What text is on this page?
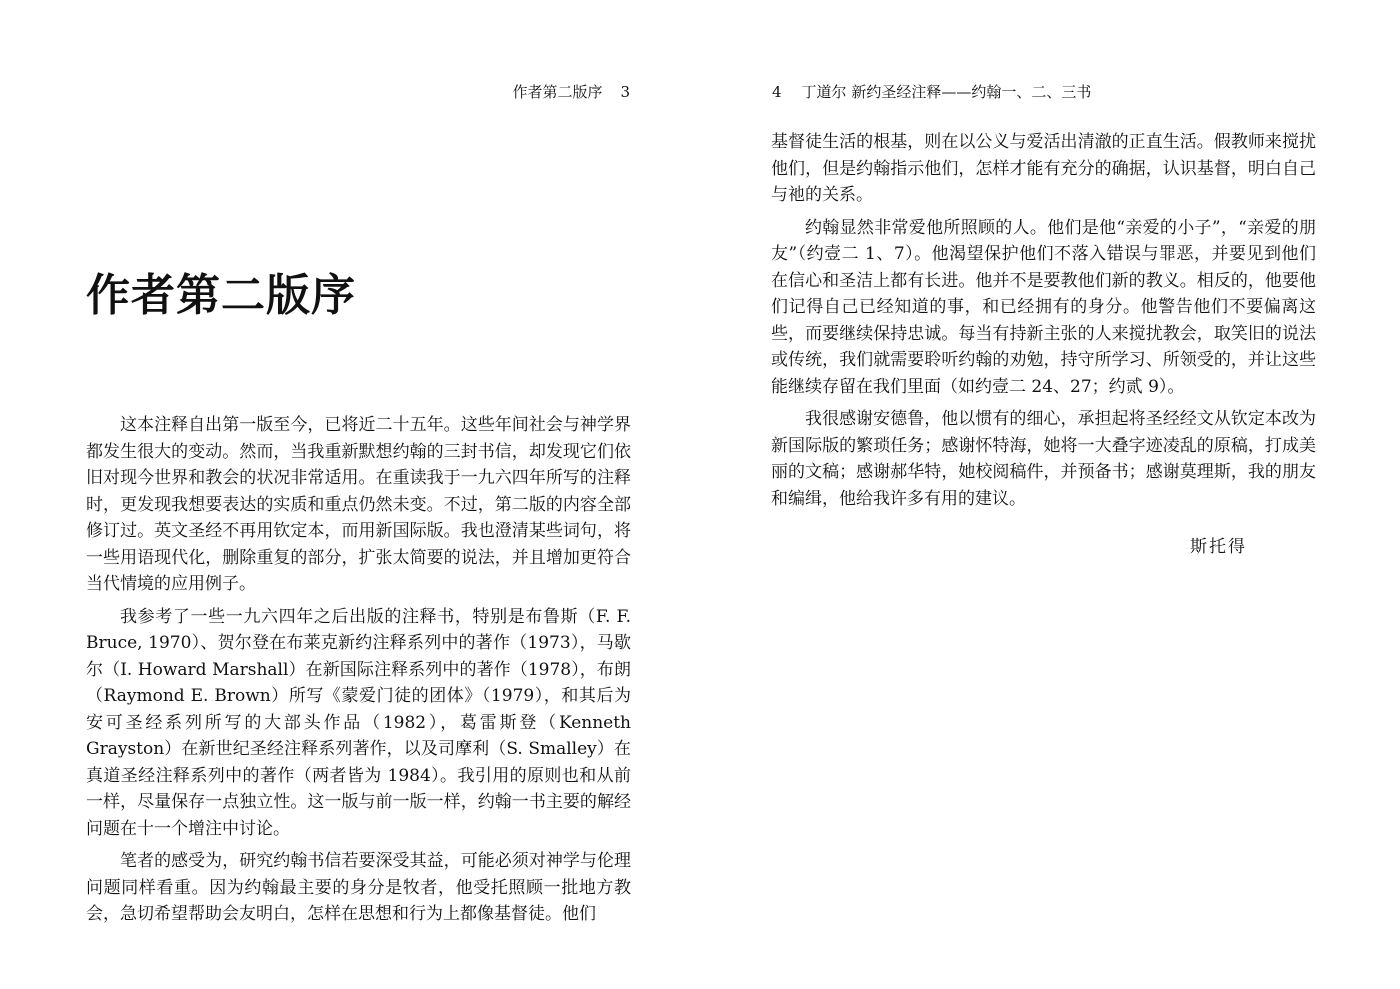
作者第二版序 3
作者第二版序

这本注释自出第一版至今，已将近二十五年。这些年间社会与神学界都发生很大的变动。然而，当我重新默想约翰的三封书信，却发现它们依旧对现今世界和教会的状况非常适用。在重读我于一九六四年所写的注释时，更发现我想要表达的实质和重点仍然未变。不过，第二版的内容全部修订过。英文圣经不再用钦定本，而用新国际版。我也澄清某些词句，将一些用语现代化，删除重复的部分，扩张太简要的说法，并且增加更符合当代情境的应用例子。

我参考了一些一九六四年之后出版的注释书，特别是布鲁斯（F. F. Bruce, 1970）、贺尔登在布莱克新约注释系列中的著作（1973），马歇尔（I. Howard Marshall）在新国际注释系列中的著作（1978），布朗（Raymond E. Brown）所写《蒙爱门徒的团体》（1979），和其后为安可圣经系列所写的大部头作品（1982），葛雷斯登（Kenneth Grayston）在新世纪圣经注释系列著作，以及司摩利（S. Smalley）在真道圣经注释系列中的著作（两者皆为 1984）。我引用的原则也和从前一样，尽量保存一点独立性。这一版与前一版一样，约翰一书主要的解经问题在十一个增注中讨论。

笔者的感受为，研究约翰书信若要深受其益，可能必须对神学与伦理问题同样看重。因为约翰最主要的身分是牧者，他受托照顾一批地方教会，急切希望帮助会友明白，怎样在思想和行为上都像基督徒。他们

4 丁道尔 新约圣经注释——约翰一、二、三书

基督徒生活的根基，则在以公义与爱活出清澈的正直生活。假教师来搅扰他们，但是约翰指示他们，怎样才能有充分的确据，认识基督，明白自己与祂的关系。

约翰显然非常爱他所照顾的人。他们是他“亲爱的小子”，“亲爱的朋友”（约壹二 1、7）。他渴望保护他们不落入错误与罪恶，并要见到他们在信心和圣洁上都有长进。他并不是要教他们新的教义。相反的，他要他们记得自己已经知道的事，和已经拥有的身分。他警告他们不要偏离这些，而要继续保持忠诚。每当有持新主张的人来搅扰教会，取笑旧的说法或传统，我们就需要聆听约翰的劝勉，持守所学习、所领受的，并让这些能继续存留在我们里面（如约壹二 24、27；约贰 9）。

我很感谢安德鲁，他以惯有的细心，承担起将圣经经文从钦定本改为新国际版的繁琐任务；感谢怀特海，她将一大叠字迹凌乱的原稿，打成美丽的文稿；感谢郝华特，她校阅稿件，并预备书；感谢莫理斯，我的朋友和编缉，他给我许多有用的建议。

斯托得
